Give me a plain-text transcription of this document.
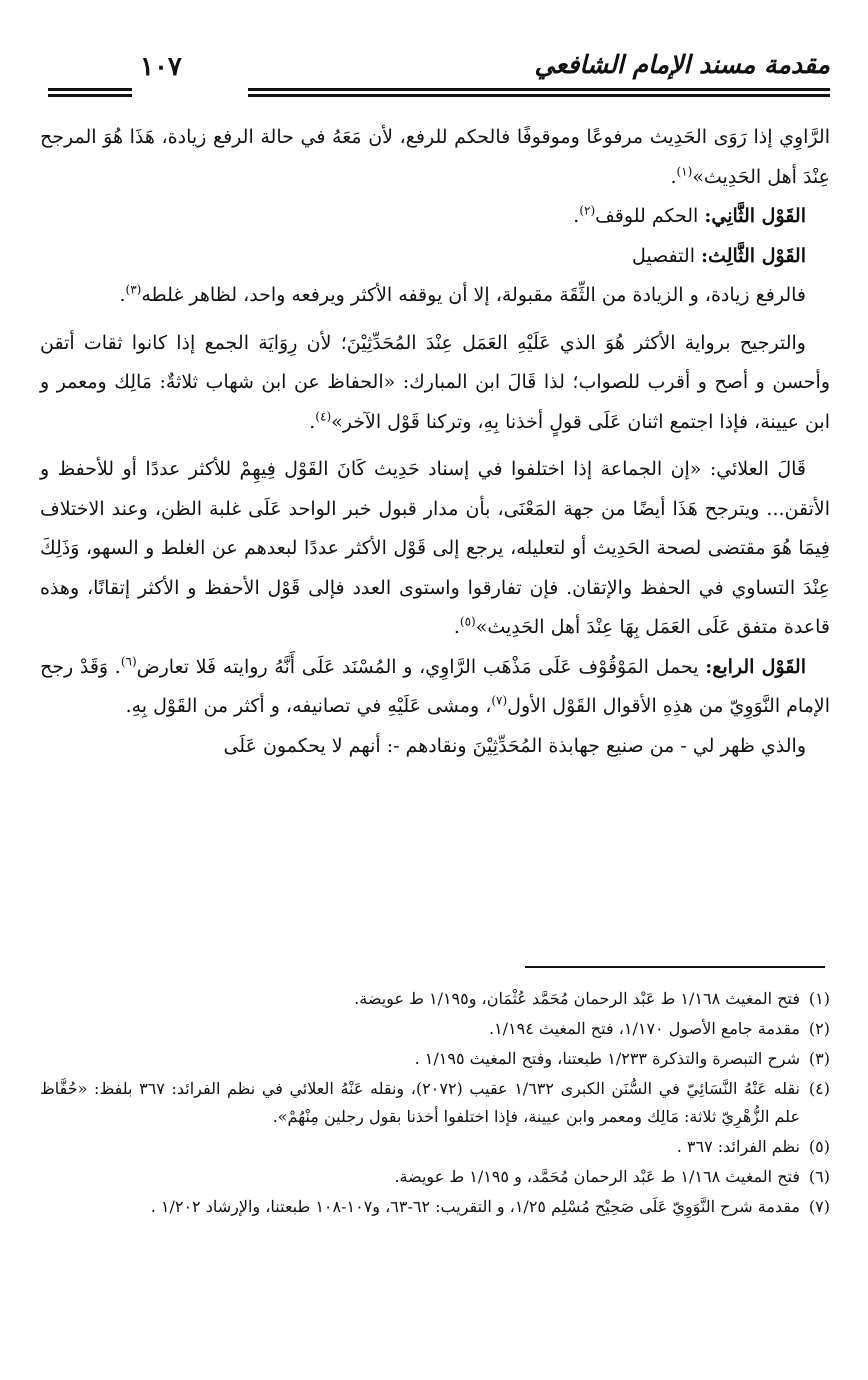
مقدمة مسند الإمام الشافعي
١٠٧

الرَّاوِي إذا رَوَى الحَدِيث مرفوعًا وموقوفًا فالحكم للرفع، لأن مَعَهُ في حالة الرفع زيادة، هَذَا هُوَ المرجح عِنْدَ أهل الحَدِيث»$^{(١)}$.

القَوْل الثَّانِي: الحكم للوقف$^{(٢)}$.

القَوْل الثَّالِث: التفصيل

فالرفع زيادة، و الزيادة من الثِّقَة مقبولة، إلا أن يوقفه الأكثر ويرفعه واحد، لظاهر غلطه$^{(٣)}$.

والترجيح برواية الأكثر هُوَ الذي عَلَيْهِ العَمَل عِنْدَ المُحَدِّثِيْنَ؛ لأن رِوَايَة الجمع إذا كانوا ثقات أتقن وأحسن و أصح و أقرب للصواب؛ لذا قَالَ ابن المبارك: «الحفاظ عن ابن شهاب ثلاثةٌ: مَالِك ومعمر و ابن عيينة، فإذا اجتمع اثنان عَلَى قولٍ أخذنا بِهِ، وتركنا قَوْل الآخر»$^{(٤)}$.

قَالَ العلائي: «إن الجماعة إذا اختلفوا في إسناد حَدِيث كَانَ القَوْل فِيهِمْ للأكثر عددًا أو للأحفظ و الأتقن... ويترجح هَذَا أيضًا من جهة المَعْنَى، بأن مدار قبول خبر الواحد عَلَى غلبة الظن، وعند الاختلاف فِيمَا هُوَ مقتضى لصحة الحَدِيث أو لتعليله، يرجع إلى قَوْل الأكثر عددًا لبعدهم عن الغلط و السهو، وَذَلِكَ عِنْدَ التساوي في الحفظ والإتقان. فإن تفارقوا واستوى العدد فإلى قَوْل الأحفظ و الأكثر إتقانًا، وهذه قاعدة متفق عَلَى العَمَل بِهَا عِنْدَ أهل الحَدِيث»$^{(٥)}$.

القَوْل الرابع: يحمل المَوْقُوْف عَلَى مَذْهَب الرَّاوِي، و المُسْنَد عَلَى أَنَّهُ روايته فَلا تعارض$^{(٦)}$. وَقَدْ رجح الإمام النَّوَوِيّ من هذِهِ الأقوال القَوْل الأول$^{(٧)}$، ومشى عَلَيْهِ في تصانيفه، و أكثر من القَوْل بِهِ.

والذي ظهر لي - من صنيع جهابذة المُحَدِّثِيْنَ ونقادهم -: أنهم لا يحكمون عَلَى

(١)
فتح المغيث ١/١٦٨ ط عَبْد الرحمان مُحَمَّد عُثْمَان، و١/١٩٥ ط عويضة.

(٢)
مقدمة جامع الأصول ١/١٧٠، فتح المغيث ١/١٩٤.

(٣)
شرح التبصرة والتذكرة ١/٢٣٣ طبعتنا، وفتح المغيث ١/١٩٥ .

(٤)
نقله عَنْهُ النَّسَائِيّ في السُّنَن الكبرى ١/٦٣٢ عقيب (٢٠٧٢)، ونقله عَنْهُ العلائي في نظم الفرائد: ٣٦٧ بلفظ: «حُفَّاظ علم الزُّهْرِيّ ثلاثة: مَالِك ومعمر وابن عيينة، فإذا اختلفوا أخذنا بقول رجلين مِنْهُمْ».

(٥)
نظم الفرائد: ٣٦٧ .

(٦)
فتح المغيث ١/١٦٨ ط عَبْد الرحمان مُحَمَّد، و ١/١٩٥ ط عويضة.

(٧)
مقدمة شرح النَّوَوِيّ عَلَى صَحِيْح مُسْلِم ١/٢٥، و التقريب: ٦٢-٦٣، و١٠٧-١٠٨ طبعتنا، والإرشاد ١/٢٠٢ .
